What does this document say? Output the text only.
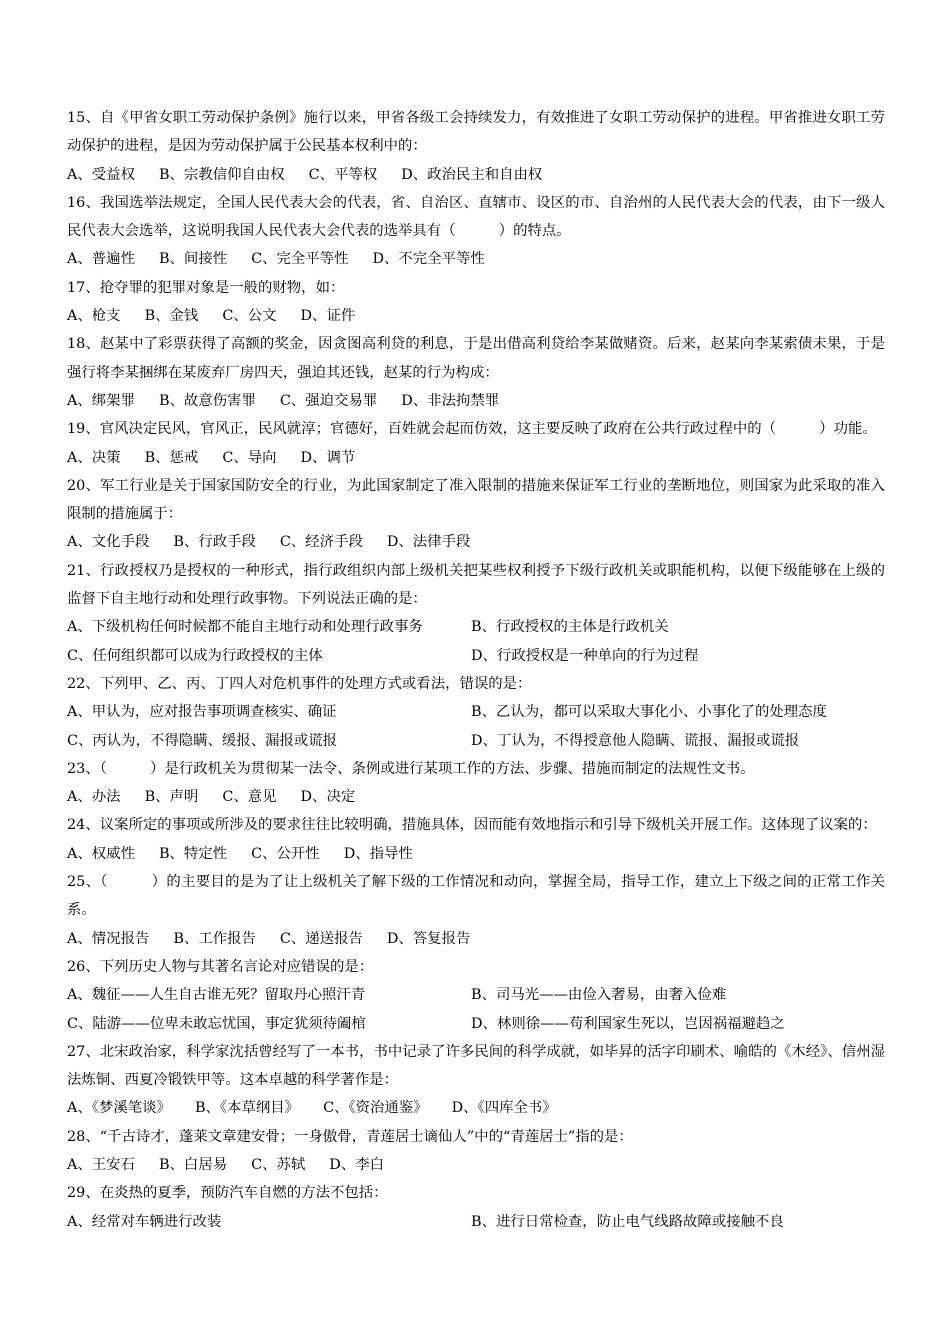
15、自《甲省女职工劳动保护条例》施行以来，甲省各级工会持续发力，有效推进了女职工劳动保护的进程。甲省推进女职工劳动保护的进程，是因为劳动保护属于公民基本权利中的：

A、受益权 B、宗教信仰自由权 C、平等权 D、政治民主和自由权

16、我国选举法规定，全国人民代表大会的代表，省、自治区、直辖市、设区的市、自治州的人民代表大会的代表，由下一级人民代表大会选举，这说明我国人民代表大会代表的选举具有（　　　）的特点。

A、普遍性 B、间接性 C、完全平等性 D、不完全平等性

17、抢夺罪的犯罪对象是一般的财物，如：

A、枪支 B、金钱 C、公文 D、证件

18、赵某中了彩票获得了高额的奖金，因贪图高利贷的利息，于是出借高利贷给李某做赌资。后来，赵某向李某索债未果，于是强行将李某捆绑在某废弃厂房四天，强迫其还钱，赵某的行为构成：

A、绑架罪 B、故意伤害罪 C、强迫交易罪 D、非法拘禁罪

19、官风决定民风，官风正，民风就淳；官德好，百姓就会起而仿效，这主要反映了政府在公共行政过程中的（　　　）功能。

A、决策 B、惩戒 C、导向 D、调节

20、军工行业是关于国家国防安全的行业，为此国家制定了准入限制的措施来保证军工行业的垄断地位，则国家为此采取的准入限制的措施属于：

A、文化手段 B、行政手段 C、经济手段 D、法律手段

21、行政授权乃是授权的一种形式，指行政组织内部上级机关把某些权利授予下级行政机关或职能机构，以便下级能够在上级的监督下自主地行动和处理行政事物。下列说法正确的是：

A、下级机构任何时候都不能自主地行动和处理行政事务	B、行政授权的主体是行政机关
C、任何组织都可以成为行政授权的主体	D、行政授权是一种单向的行为过程

22、下列甲、乙、丙、丁四人对危机事件的处理方式或看法，错误的是：

A、甲认为，应对报告事项调查核实、确证	B、乙认为，都可以采取大事化小、小事化了的处理态度
C、丙认为，不得隐瞒、缓报、漏报或谎报	D、丁认为，不得授意他人隐瞒、谎报、漏报或谎报

23、（　　　）是行政机关为贯彻某一法令、条例或进行某项工作的方法、步骤、措施而制定的法规性文书。

A、办法 B、声明 C、意见 D、决定

24、议案所定的事项或所涉及的要求往往比较明确，措施具体，因而能有效地指示和引导下级机关开展工作。这体现了议案的：

A、权威性 B、特定性 C、公开性 D、指导性

25、（　　　）的主要目的是为了让上级机关了解下级的工作情况和动向，掌握全局，指导工作，建立上下级之间的正常工作关系。

A、情况报告 B、工作报告 C、递送报告 D、答复报告

26、下列历史人物与其著名言论对应错误的是：

A、魏征——人生自古谁无死？留取丹心照汗青	B、司马光——由俭入奢易，由奢入俭难
C、陆游——位卑未敢忘忧国，事定犹须待阖棺	D、林则徐——苟利国家生死以，岂因祸福避趋之

27、北宋政治家，科学家沈括曾经写了一本书，书中记录了许多民间的科学成就，如毕昇的活字印刷术、喻皓的《木经》、信州湿法炼铜、西夏冷锻铁甲等。这本卓越的科学著作是：

A、《梦溪笔谈》 B、《本草纲目》 C、《资治通鉴》 D、《四库全书》

28、“千古诗才，蓬莱文章建安骨；一身傲骨，青莲居士谪仙人”中的“青莲居士”指的是：

A、王安石 B、白居易 C、苏轼 D、李白

29、在炎热的夏季，预防汽车自燃的方法不包括：

A、经常对车辆进行改装	B、进行日常检查，防止电气线路故障或接触不良
